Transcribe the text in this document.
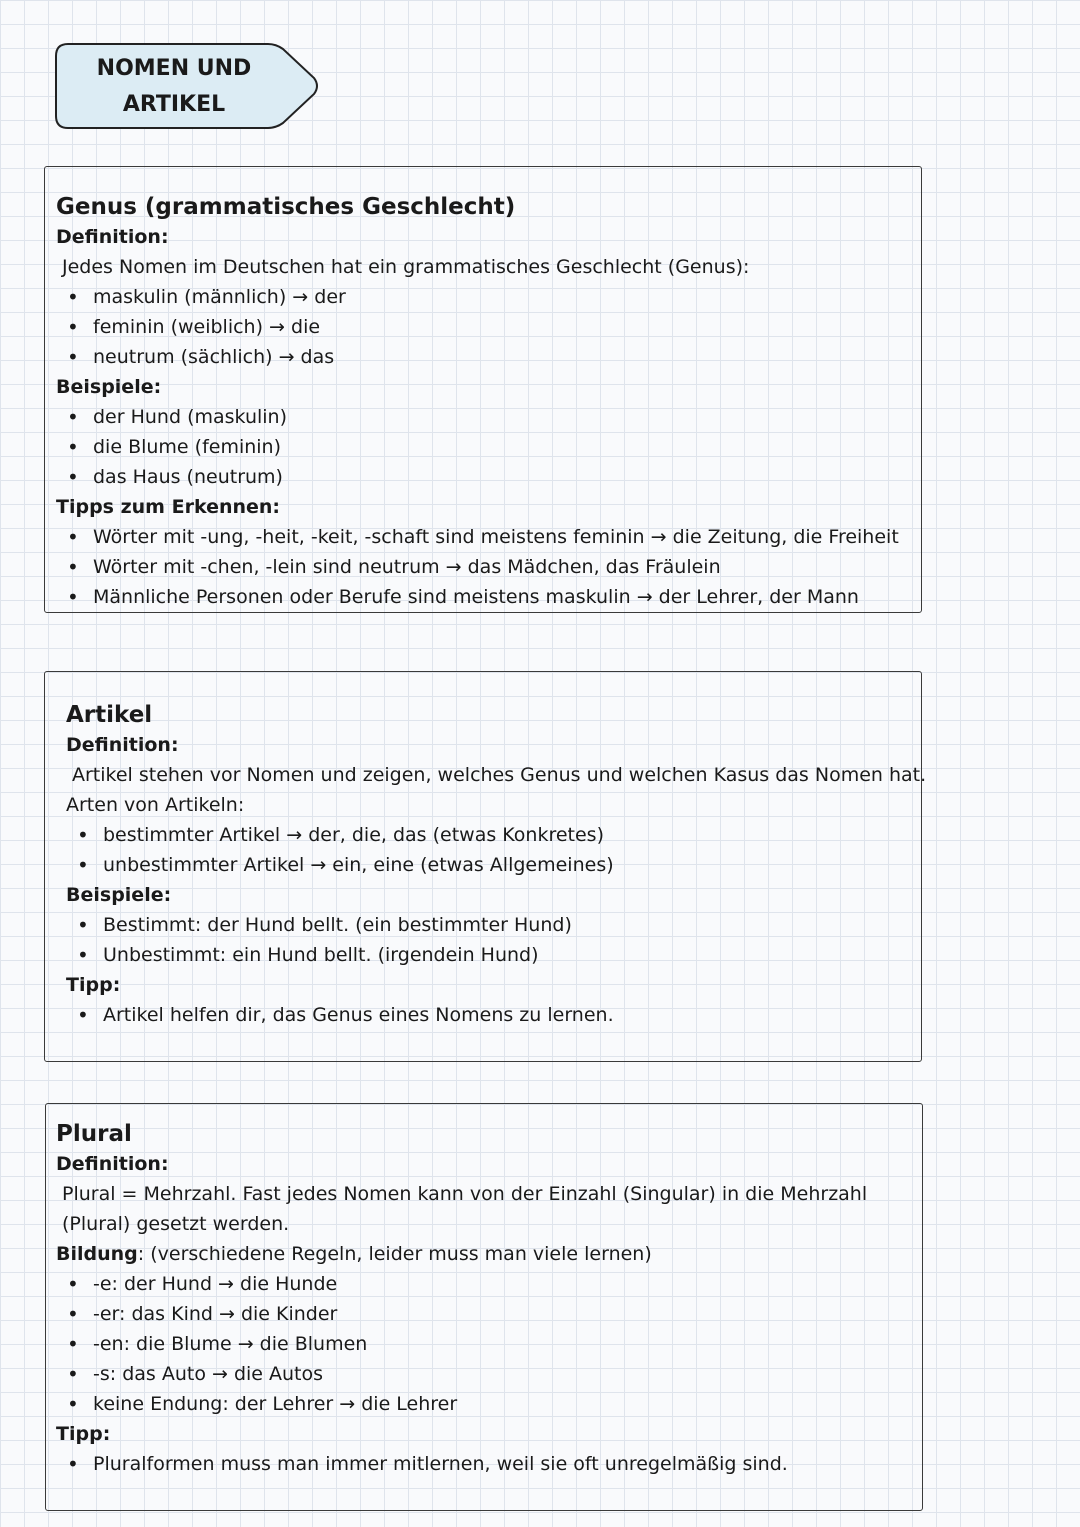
NOMEN UND
ARTIKEL
Genus (grammatisches Geschlecht)
Definition:
Jedes Nomen im Deutschen hat ein grammatisches Geschlecht (Genus):
• maskulin (männlich) → der
• feminin (weiblich) → die
• neutrum (sächlich) → das
Beispiele:
• der Hund (maskulin)
• die Blume (feminin)
• das Haus (neutrum)
Tipps zum Erkennen:
• Wörter mit -ung, -heit, -keit, -schaft sind meistens feminin → die Zeitung, die Freiheit
• Wörter mit -chen, -lein sind neutrum → das Mädchen, das Fräulein
• Männliche Personen oder Berufe sind meistens maskulin → der Lehrer, der Mann
Artikel
Definition:
Artikel stehen vor Nomen und zeigen, welches Genus und welchen Kasus das Nomen hat.
Arten von Artikeln:
• bestimmter Artikel → der, die, das (etwas Konkretes)
• unbestimmter Artikel → ein, eine (etwas Allgemeines)
Beispiele:
• Bestimmt: der Hund bellt. (ein bestimmter Hund)
• Unbestimmt: ein Hund bellt. (irgendein Hund)
Tipp:
• Artikel helfen dir, das Genus eines Nomens zu lernen.
Plural
Definition:
Plural = Mehrzahl. Fast jedes Nomen kann von der Einzahl (Singular) in die Mehrzahl (Plural) gesetzt werden.
Bildung: (verschiedene Regeln, leider muss man viele lernen)
• -e: der Hund → die Hunde
• -er: das Kind → die Kinder
• -en: die Blume → die Blumen
• -s: das Auto → die Autos
• keine Endung: der Lehrer → die Lehrer
Tipp:
• Pluralformen muss man immer mitlernen, weil sie oft unregelmäßig sind.
